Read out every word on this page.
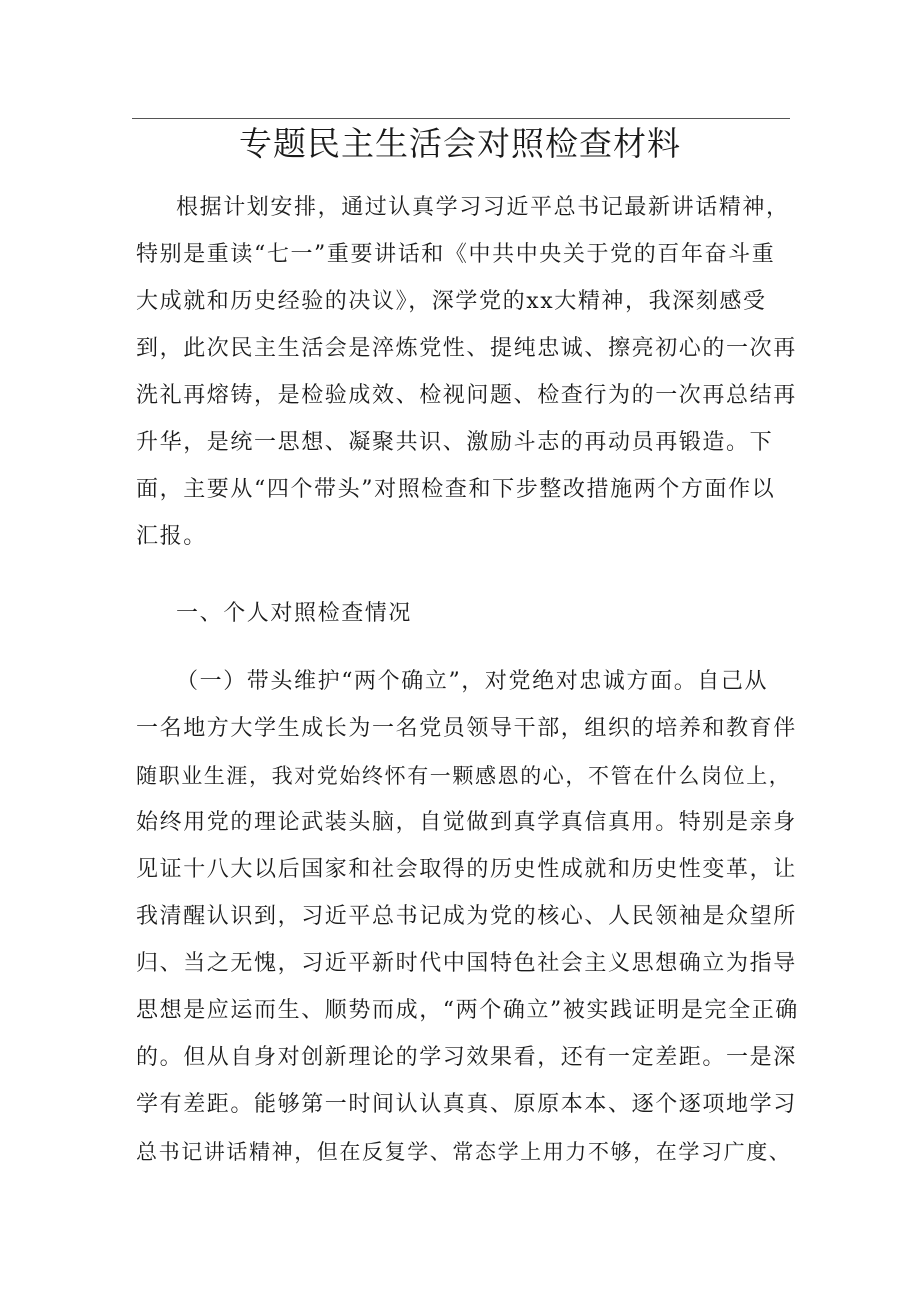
专题民主生活会对照检查材料
根据计划安排，通过认真学习习近平总书记最新讲话精神，
特别是重读“七一”重要讲话和《中共中央关于党的百年奋斗重
大成就和历史经验的决议》，深学党的xx大精神，我深刻感受
到，此次民主生活会是淬炼党性、提纯忠诚、擦亮初心的一次再
洗礼再熔铸，是检验成效、检视问题、检查行为的一次再总结再
升华，是统一思想、凝聚共识、激励斗志的再动员再锻造。下
面，主要从“四个带头”对照检查和下步整改措施两个方面作以
汇报。
一、个人对照检查情况
（一）带头维护“两个确立”，对党绝对忠诚方面。自己从
一名地方大学生成长为一名党员领导干部，组织的培养和教育伴
随职业生涯，我对党始终怀有一颗感恩的心，不管在什么岗位上，
始终用党的理论武装头脑，自觉做到真学真信真用。特别是亲身
见证十八大以后国家和社会取得的历史性成就和历史性变革，让
我清醒认识到，习近平总书记成为党的核心、人民领袖是众望所
归、当之无愧，习近平新时代中国特色社会主义思想确立为指导
思想是应运而生、顺势而成，“两个确立”被实践证明是完全正确
的。但从自身对创新理论的学习效果看，还有一定差距。一是深
学有差距。能够第一时间认认真真、原原本本、逐个逐项地学习
总书记讲话精神，但在反复学、常态学上用力不够，在学习广度、
